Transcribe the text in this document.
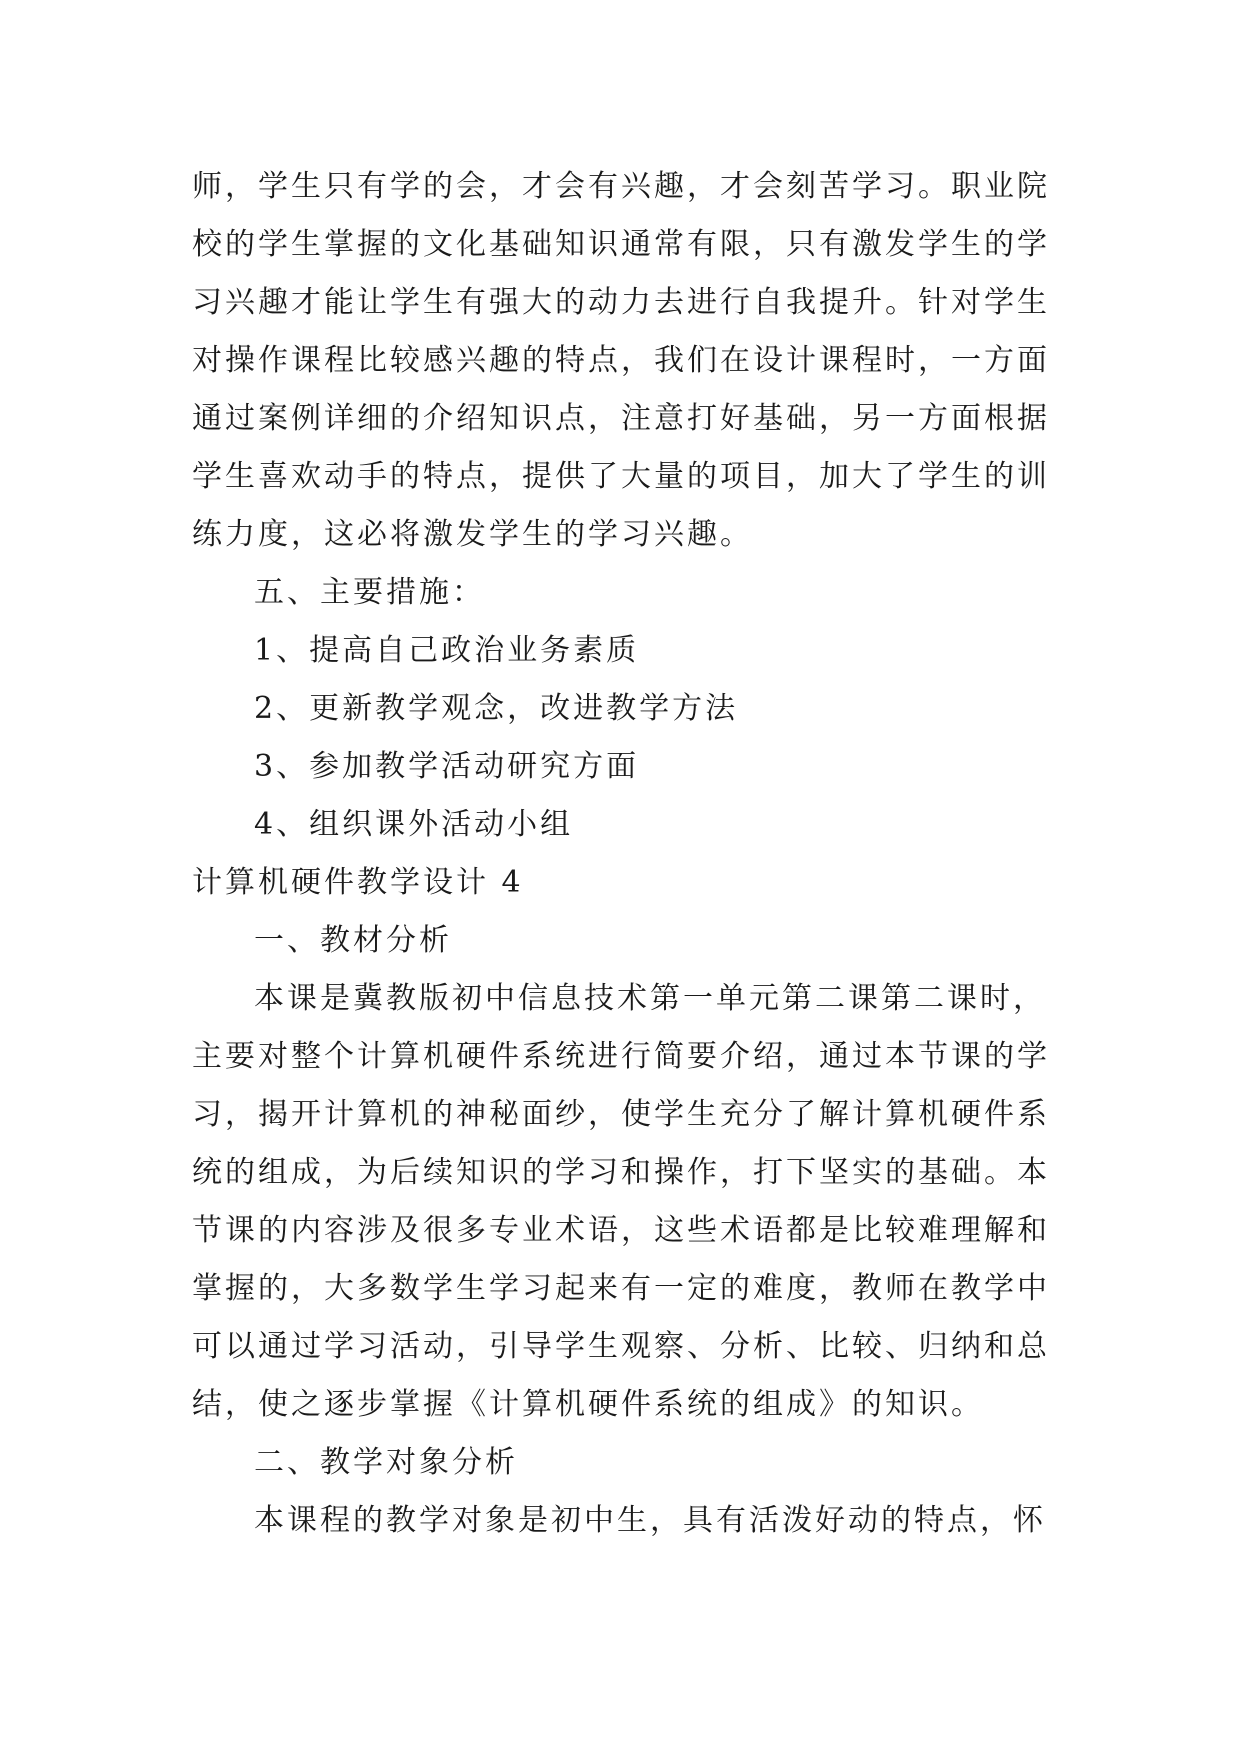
师，学生只有学的会，才会有兴趣，才会刻苦学习。职业院
校的学生掌握的文化基础知识通常有限，只有激发学生的学
习兴趣才能让学生有强大的动力去进行自我提升。针对学生
对操作课程比较感兴趣的特点，我们在设计课程时，一方面
通过案例详细的介绍知识点，注意打好基础，另一方面根据
学生喜欢动手的特点，提供了大量的项目，加大了学生的训
练力度，这必将激发学生的学习兴趣。
五、主要措施：
1、提高自己政治业务素质
2、更新教学观念，改进教学方法
3、参加教学活动研究方面
4、组织课外活动小组
计算机硬件教学设计 4
一、教材分析
本课是冀教版初中信息技术第一单元第二课第二课时，
主要对整个计算机硬件系统进行简要介绍，通过本节课的学
习，揭开计算机的神秘面纱，使学生充分了解计算机硬件系
统的组成，为后续知识的学习和操作，打下坚实的基础。本
节课的内容涉及很多专业术语，这些术语都是比较难理解和
掌握的，大多数学生学习起来有一定的难度，教师在教学中
可以通过学习活动，引导学生观察、分析、比较、归纳和总
结，使之逐步掌握《计算机硬件系统的组成》的知识。
二、教学对象分析
本课程的教学对象是初中生，具有活泼好动的特点，怀
